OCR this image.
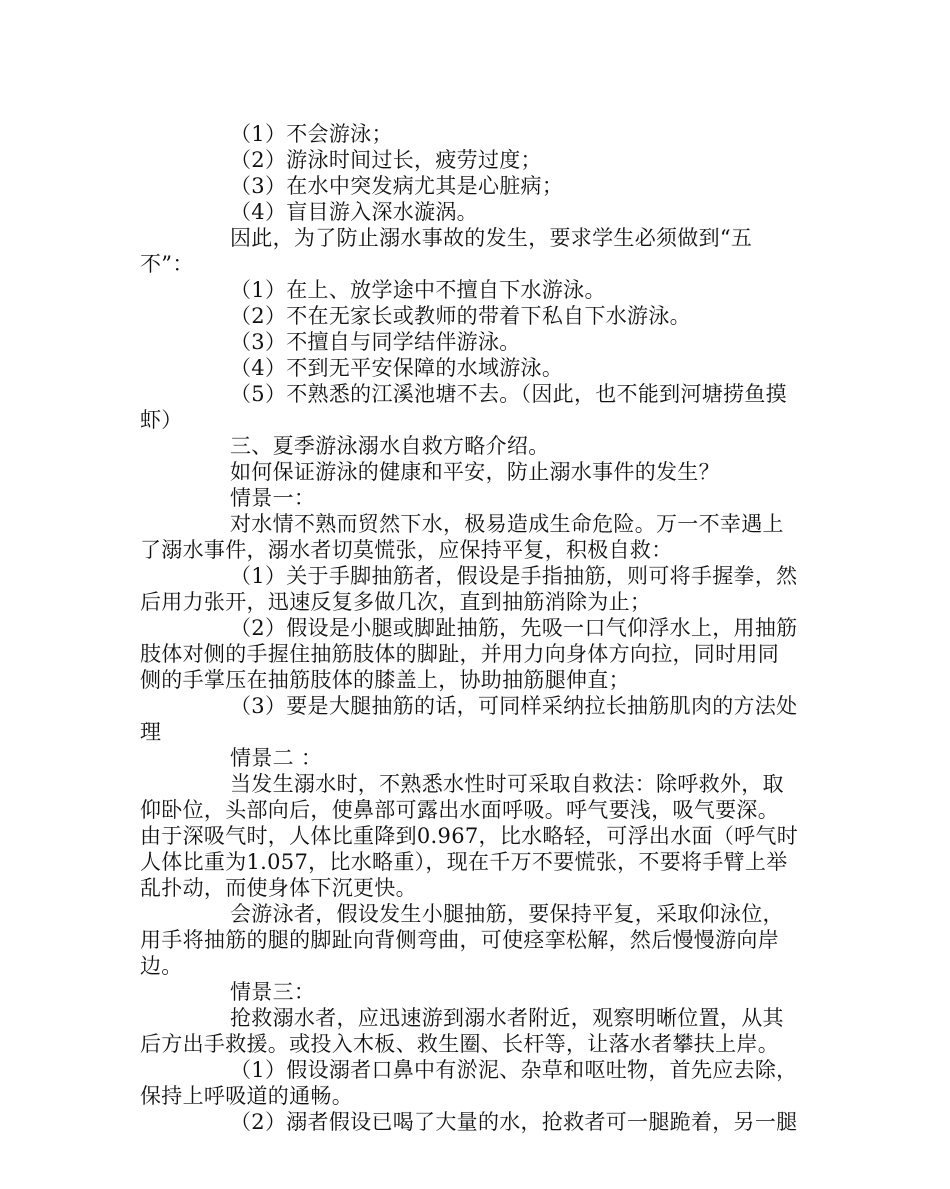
（1）不会游泳；
（2）游泳时间过长，疲劳过度；
（3）在水中突发病尤其是心脏病；
（4）盲目游入深水漩涡。
因此，为了防止溺水事故的发生，要求学生必须做到“五
不”：
（1）在上、放学途中不擅自下水游泳。
（2）不在无家长或教师的带着下私自下水游泳。
（3）不擅自与同学结伴游泳。
（4）不到无平安保障的水域游泳。
（5）不熟悉的江溪池塘不去。（因此，也不能到河塘捞鱼摸
虾）
三、夏季游泳溺水自救方略介绍。
如何保证游泳的健康和平安，防止溺水事件的发生？
情景一：
对水情不熟而贸然下水，极易造成生命危险。万一不幸遇上
了溺水事件，溺水者切莫慌张，应保持平复，积极自救：
（1）关于手脚抽筋者，假设是手指抽筋，则可将手握拳，然
后用力张开，迅速反复多做几次，直到抽筋消除为止；
（2）假设是小腿或脚趾抽筋，先吸一口气仰浮水上，用抽筋
肢体对侧的手握住抽筋肢体的脚趾，并用力向身体方向拉，同时用同
侧的手掌压在抽筋肢体的膝盖上，协助抽筋腿伸直；
（3）要是大腿抽筋的话，可同样采纳拉长抽筋肌肉的方法处
理
情景二 ：
当发生溺水时，不熟悉水性时可采取自救法：除呼救外，取
仰卧位，头部向后，使鼻部可露出水面呼吸。呼气要浅，吸气要深。
由于深吸气时，人体比重降到0.967，比水略轻，可浮出水面（呼气时
人体比重为1.057，比水略重），现在千万不要慌张，不要将手臂上举
乱扑动，而使身体下沉更快。
会游泳者，假设发生小腿抽筋，要保持平复，采取仰泳位，
用手将抽筋的腿的脚趾向背侧弯曲，可使痉挛松解，然后慢慢游向岸
边。
情景三：
抢救溺水者，应迅速游到溺水者附近，观察明晰位置，从其
后方出手救援。或投入木板、救生圈、长杆等，让落水者攀扶上岸。
（1）假设溺者口鼻中有淤泥、杂草和呕吐物，首先应去除，
保持上呼吸道的通畅。
（2）溺者假设已喝了大量的水，抢救者可一腿跪着，另一腿
